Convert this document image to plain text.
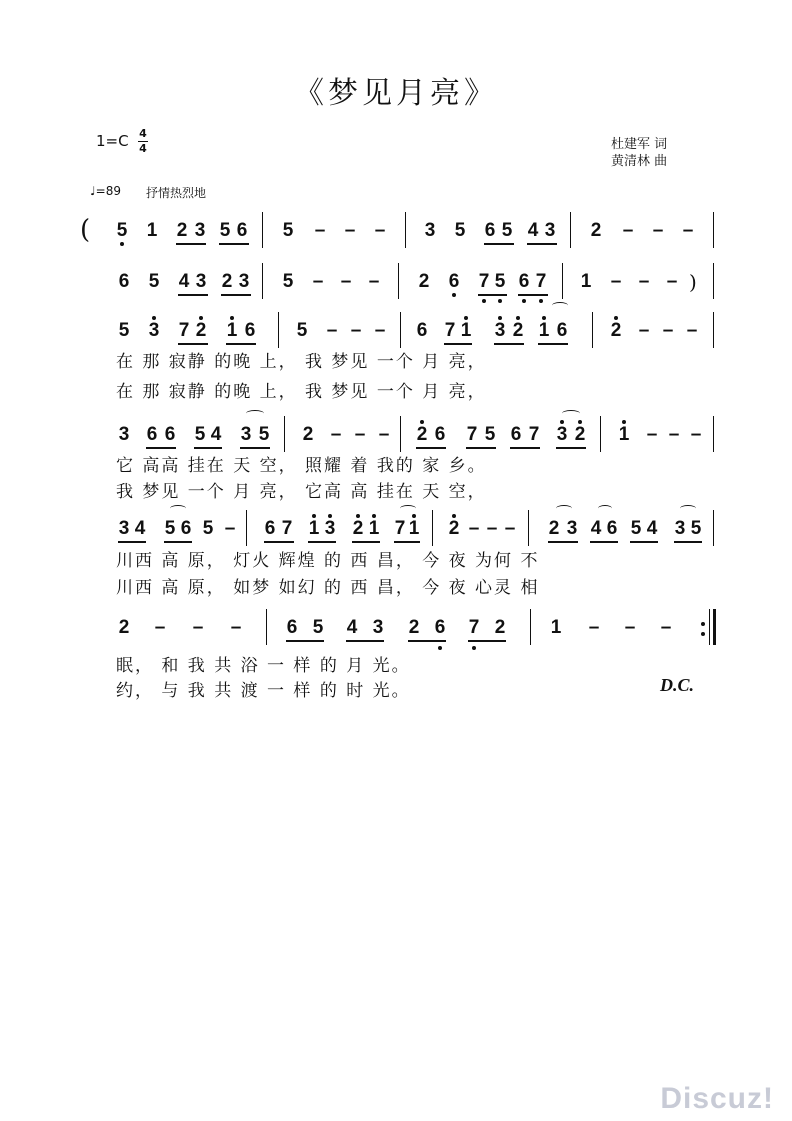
《梦见月亮》
1=C 4
4	杜建军 词
黄清林 曲
♩=89 抒情热烈地
( 5 1 2 3 5 6 5 – – – 3 5 6 5 4 3 2 – – –
6 5 4 3 2 3 5 – – – 2 6 7 5 6 7 1 – – – )
5 3 7 2 1 6 5 – – – 6 7 1 3 2 1 6 2 – – –
在 那 寂静 的晚 上， 我 梦见 一个 月 亮，
在 那 寂静 的晚 上， 我 梦见 一个 月 亮，
3 6 6 5 4 3 5 2 – – – 2 6 7 5 6 7 3 2 1 – – –
它 高高 挂在 天 空， 照耀 着 我的 家 乡。
我 梦见 一个 月 亮， 它高 高 挂在 天 空，
3 4 5 6 5 – 6 7 1 3 2 1 7 1 2 – – – 2 3 4 6 5 4 3 5
川西 高 原， 灯火 辉煌 的 西 昌， 今 夜 为何 不
川西 高 原， 如梦 如幻 的 西 昌， 今 夜 心灵 相
2 – – – 6 5 4 3 2 6 7 2 1 – – –
眠， 和 我 共 浴 一 样 的 月 光。
约， 与 我 共 渡 一 样 的 时 光。	D.C.
Discuz!
